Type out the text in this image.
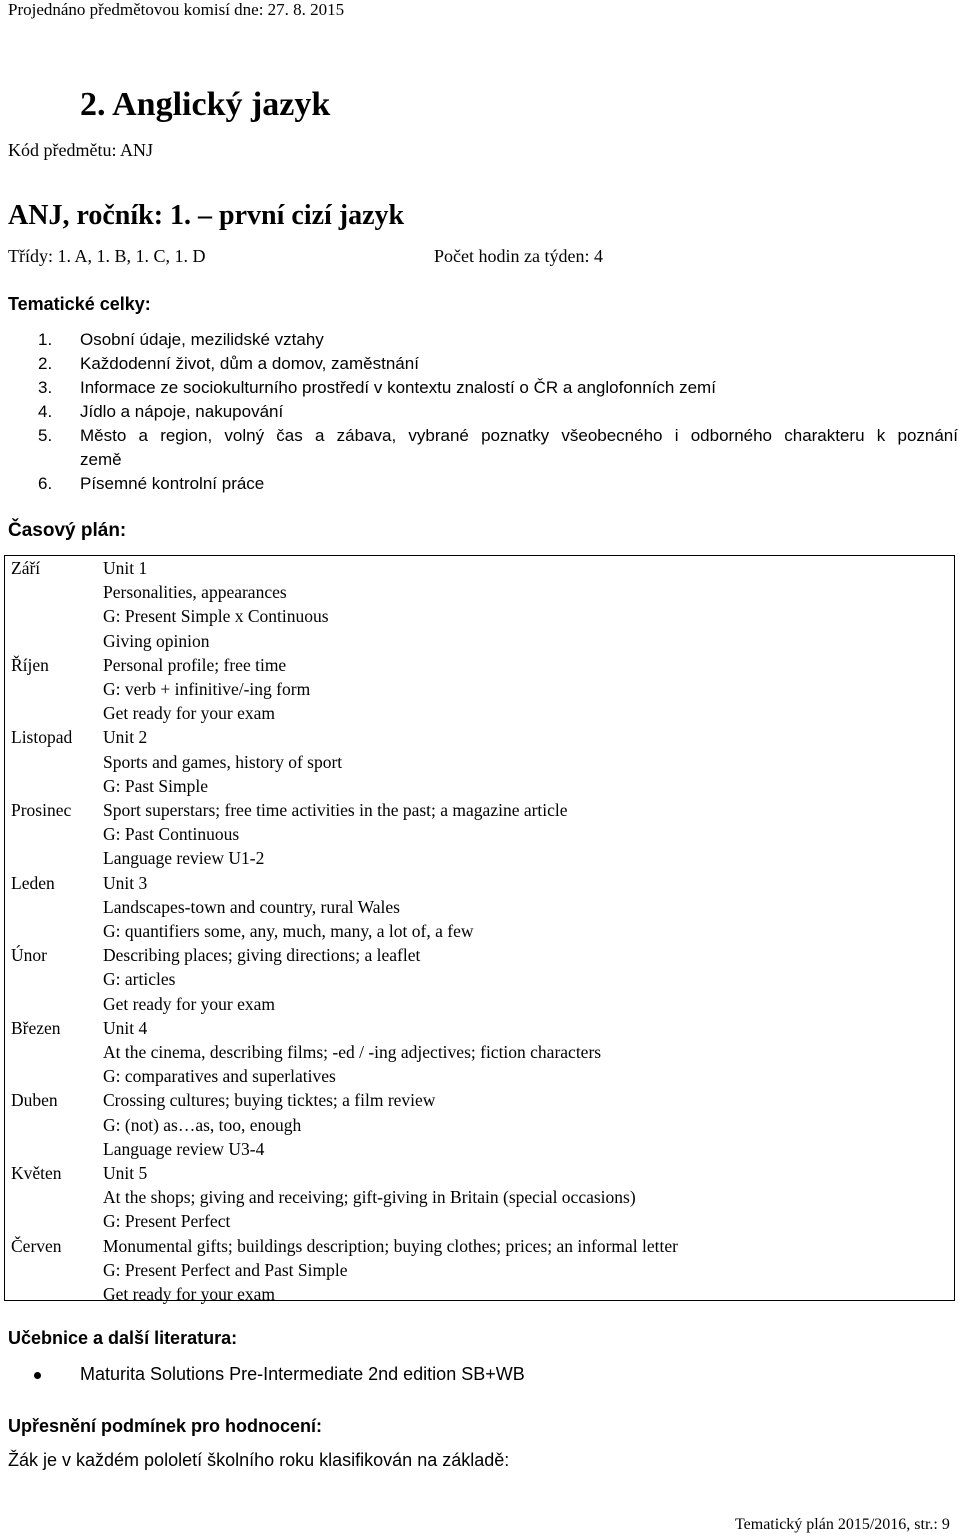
Projednáno předmětovou komisí dne: 27. 8. 2015
2. Anglický jazyk
Kód předmětu: ANJ
ANJ, ročník: 1. – první cizí jazyk
Třídy: 1. A, 1. B, 1. C, 1. D	Počet hodin za týden: 4
Tematické celky:
1. Osobní údaje, mezilidské vztahy
2. Každodenní život, dům a domov, zaměstnání
3. Informace ze sociokulturního prostředí v kontextu znalostí o ČR a anglofonních zemí
4. Jídlo a nápoje, nakupování
5. Město a region, volný čas a zábava, vybrané poznatky všeobecného i odborného charakteru k poznání
země
6. Písemné kontrolní práce
Časový plán:
Září	Unit 1
Personalities, appearances
G: Present Simple x Continuous
Giving opinion
Říjen	Personal profile; free time
G: verb + infinitive/-ing form
Get ready for your exam
Listopad	Unit 2
Sports and games, history of sport
G: Past Simple
Prosinec	Sport superstars; free time activities in the past; a magazine article
G: Past Continuous
Language review U1-2
Leden	Unit 3
Landscapes-town and country, rural Wales
G: quantifiers some, any, much, many, a lot of, a few
Únor	Describing places; giving directions; a leaflet
G: articles
Get ready for your exam
Březen	Unit 4
At the cinema, describing films; -ed / -ing adjectives; fiction characters
G: comparatives and superlatives
Duben	Crossing cultures; buying ticktes; a film review
G: (not) as…as, too, enough
Language review U3-4
Květen	Unit 5
At the shops; giving and receiving; gift-giving in Britain (special occasions)
G: Present Perfect
Červen	Monumental gifts; buildings description; buying clothes; prices; an informal letter
G: Present Perfect and Past Simple
Get ready for your exam
Učebnice a další literatura:
Maturita Solutions Pre-Intermediate 2nd edition SB+WB
Upřesnění podmínek pro hodnocení:
Žák je v každém pololetí školního roku klasifikován na základě:
Tematický plán 2015/2016, str.: 9
